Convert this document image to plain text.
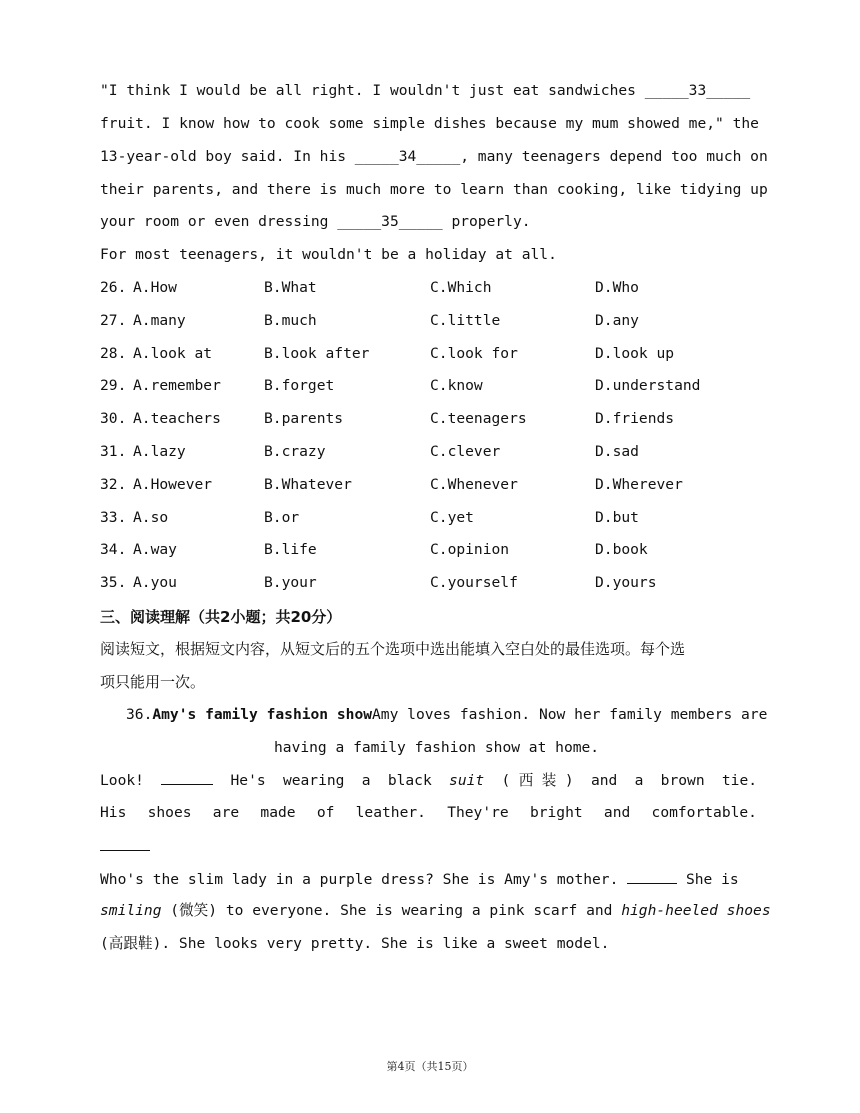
"I think I would be all right. I wouldn't just eat sandwiches _____33_____
fruit. I know how to cook some simple dishes because my mum showed me," the
13-year-old boy said. In his _____34_____, many teenagers depend too much on
their parents, and there is much more to learn than cooking, like tidying up
your room or even dressing _____35_____ properly.
For most teenagers, it wouldn't be a holiday at all.
26. A.How	B.What	C.Which	D.Who
27. A.many	B.much	C.little	D.any
28. A.look at	B.look after	C.look for	D.look up
29. A.remember	B.forget	C.know	D.understand
30. A.teachers	B.parents	C.teenagers	D.friends
31. A.lazy	B.crazy	C.clever	D.sad
32. A.However	B.Whatever	C.Whenever	D.Wherever
33. A.so	B.or	C.yet	D.but
34. A.way	B.life	C.opinion	D.book
35. A.you	B.your	C.yourself	D.yours
三、阅读理解（共2小题；共20分）
阅读短文，根据短文内容，从短文后的五个选项中选出能填入空白处的最佳选项。每个选
项只能用一次。
36.Amy's family fashion showAmy loves fashion. Now her family members are
having a family fashion show at home.
Look!	He's wearing a black suit (西装) and a brown tie.
His shoes are made of leather. They're bright and comfortable.
Who's the slim lady in a purple dress? She is Amy's mother.	She is
smiling (微笑) to everyone. She is wearing a pink scarf and high-heeled shoes
(高跟鞋). She looks very pretty. She is like a sweet model.
第4页（共15页）
